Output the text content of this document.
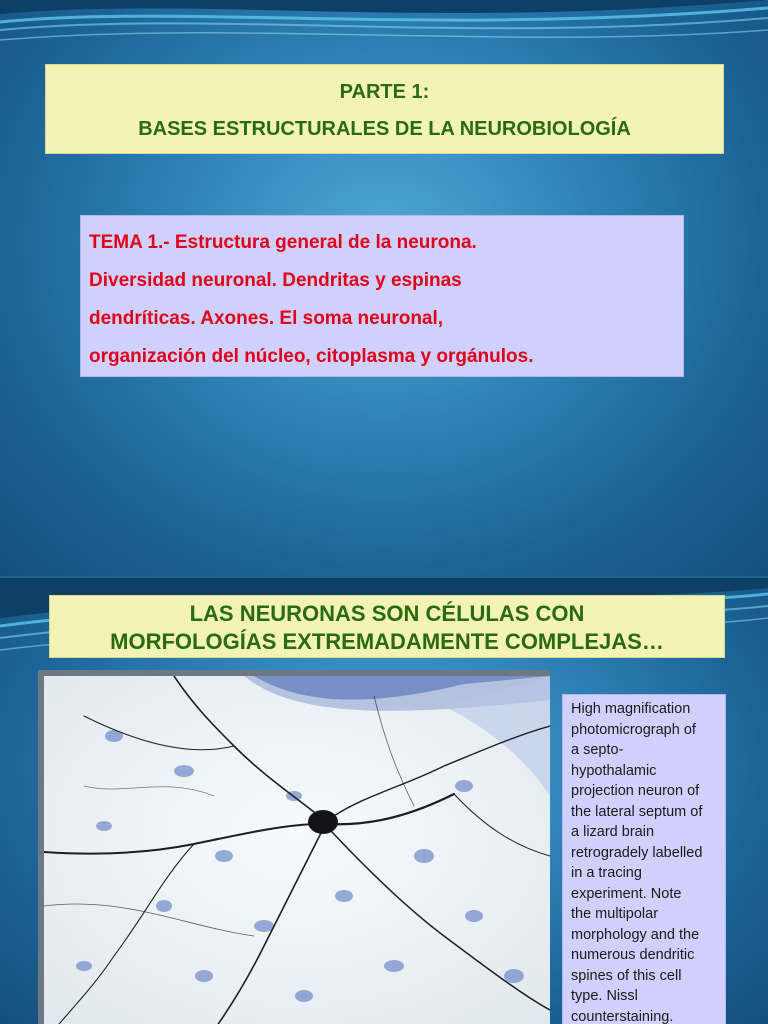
PARTE 1:
BASES ESTRUCTURALES DE LA NEUROBIOLOGÍA
TEMA 1.- Estructura general de la neurona.
Diversidad neuronal. Dendritas y espinas
dendríticas. Axones. El soma neuronal,
organización del núcleo, citoplasma y orgánulos.
LAS NEURONAS SON CÉLULAS CON
MORFOLOGÍAS EXTREMADAMENTE COMPLEJAS…
High magnification
photomicrograph of
a septo-
hypothalamic
projection neuron of
the lateral septum of
a lizard brain
retrogradely labelled
in a tracing
experiment. Note
the multipolar
morphology and the
numerous dendritic
spines of this cell
type. Nissl
counterstaining.
